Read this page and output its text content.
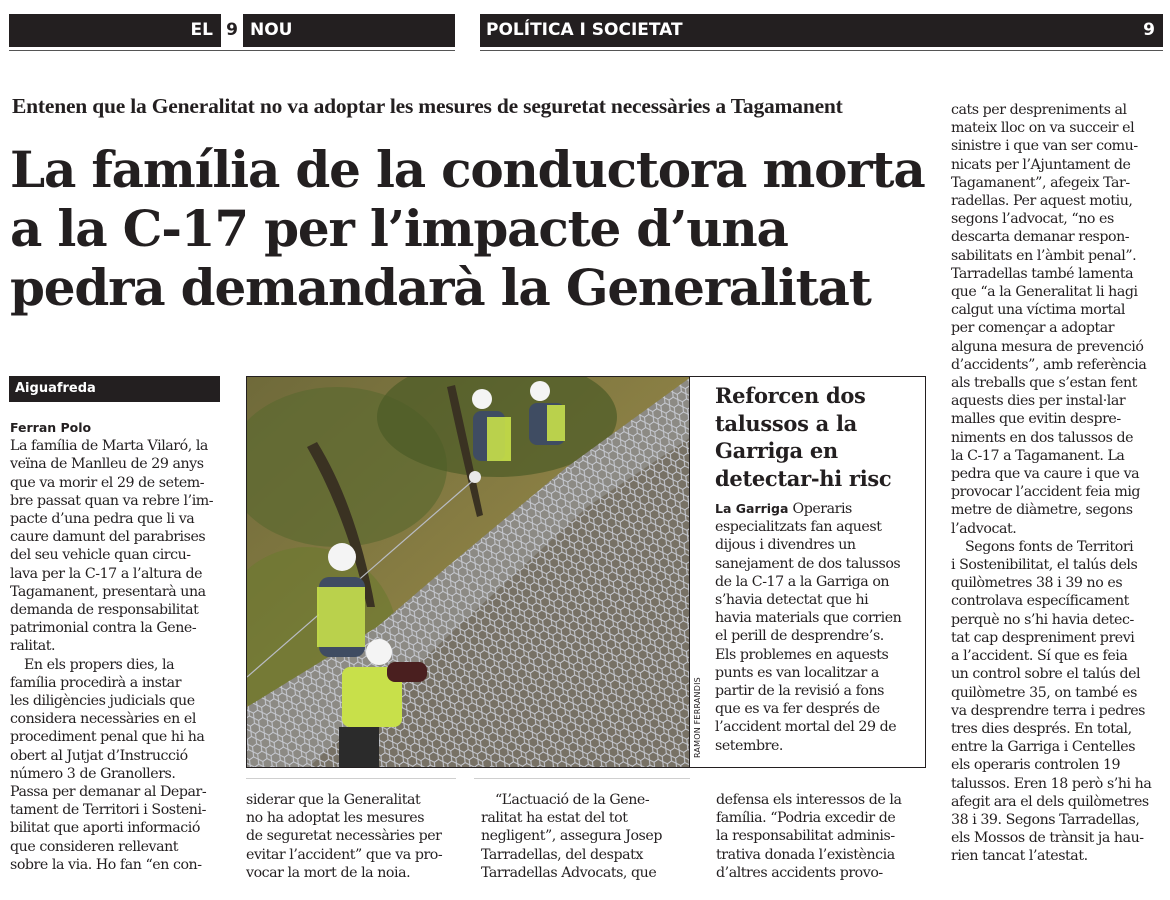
EL 9 NOU	POLÍTICA I SOCIETAT	9
Entenen que la Generalitat no va adoptar les mesures de seguretat necessàries a Tagamanent
La família de la conductora morta
a la C-17 per l’impacte d’una
pedra demandarà la Generalitat
Aiguafreda
Ferran Polo
La família de Marta Vilaró, la
veïna de Manlleu de 29 anys
que va morir el 29 de setem-
bre passat quan va rebre l’im-
pacte d’una pedra que li va
caure damunt del parabrises
del seu vehicle quan circu-
lava per la C-17 a l’altura de
Tagamanent, presentarà una
demanda de responsabilitat
patrimonial contra la Gene-
ralitat.
En els propers dies, la
família procedirà a instar
les diligències judicials que
considera necessàries en el
procediment penal que hi ha
obert al Jutjat d’Instrucció
número 3 de Granollers.
Passa per demanar al Depar-
tament de Territori i Sosteni-
bilitat que aporti informació
que consideren rellevant
sobre la via. Ho fan “en con-
RAMON FERRANDIS
Reforcen dos
talussos a la
Garriga en
detectar-hi risc
La Garriga Operaris
especialitzats fan aquest
dijous i divendres un
sanejament de dos talussos
de la C-17 a la Garriga on
s’havia detectat que hi
havia materials que corrien
el perill de desprendre’s.
Els problemes en aquests
punts es van localitzar a
partir de la revisió a fons
que es va fer després de
l’accident mortal del 29 de
setembre.
siderar que la Generalitat
no ha adoptat les mesures
de seguretat necessàries per
evitar l’accident” que va pro-
vocar la mort de la noia.
“L’actuació de la Gene-
ralitat ha estat del tot
negligent”, assegura Josep
Tarradellas, del despatx
Tarradellas Advocats, que
defensa els interessos de la
família. “Podria excedir de
la responsabilitat adminis-
trativa donada l’existència
d’altres accidents provo-
cats per despreniments al
mateix lloc on va succeir el
sinistre i que van ser comu-
nicats per l’Ajuntament de
Tagamanent”, afegeix Tar-
radellas. Per aquest motiu,
segons l’advocat, “no es
descarta demanar respon-
sabilitats en l’àmbit penal”.
Tarradellas també lamenta
que “a la Generalitat li hagi
calgut una víctima mortal
per començar a adoptar
alguna mesura de prevenció
d’accidents”, amb referència
als treballs que s’estan fent
aquests dies per instal·lar
malles que evitin despre-
niments en dos talussos de
la C-17 a Tagamanent. La
pedra que va caure i que va
provocar l’accident feia mig
metre de diàmetre, segons
l’advocat.
Segons fonts de Territori
i Sostenibilitat, el talús dels
quilòmetres 38 i 39 no es
controlava específicament
perquè no s’hi havia detec-
tat cap despreniment previ
a l’accident. Sí que es feia
un control sobre el talús del
quilòmetre 35, on també es
va desprendre terra i pedres
tres dies després. En total,
entre la Garriga i Centelles
els operaris controlen 19
talussos. Eren 18 però s’hi ha
afegit ara el dels quilòmetres
38 i 39. Segons Tarradellas,
els Mossos de trànsit ja hau-
rien tancat l’atestat.
